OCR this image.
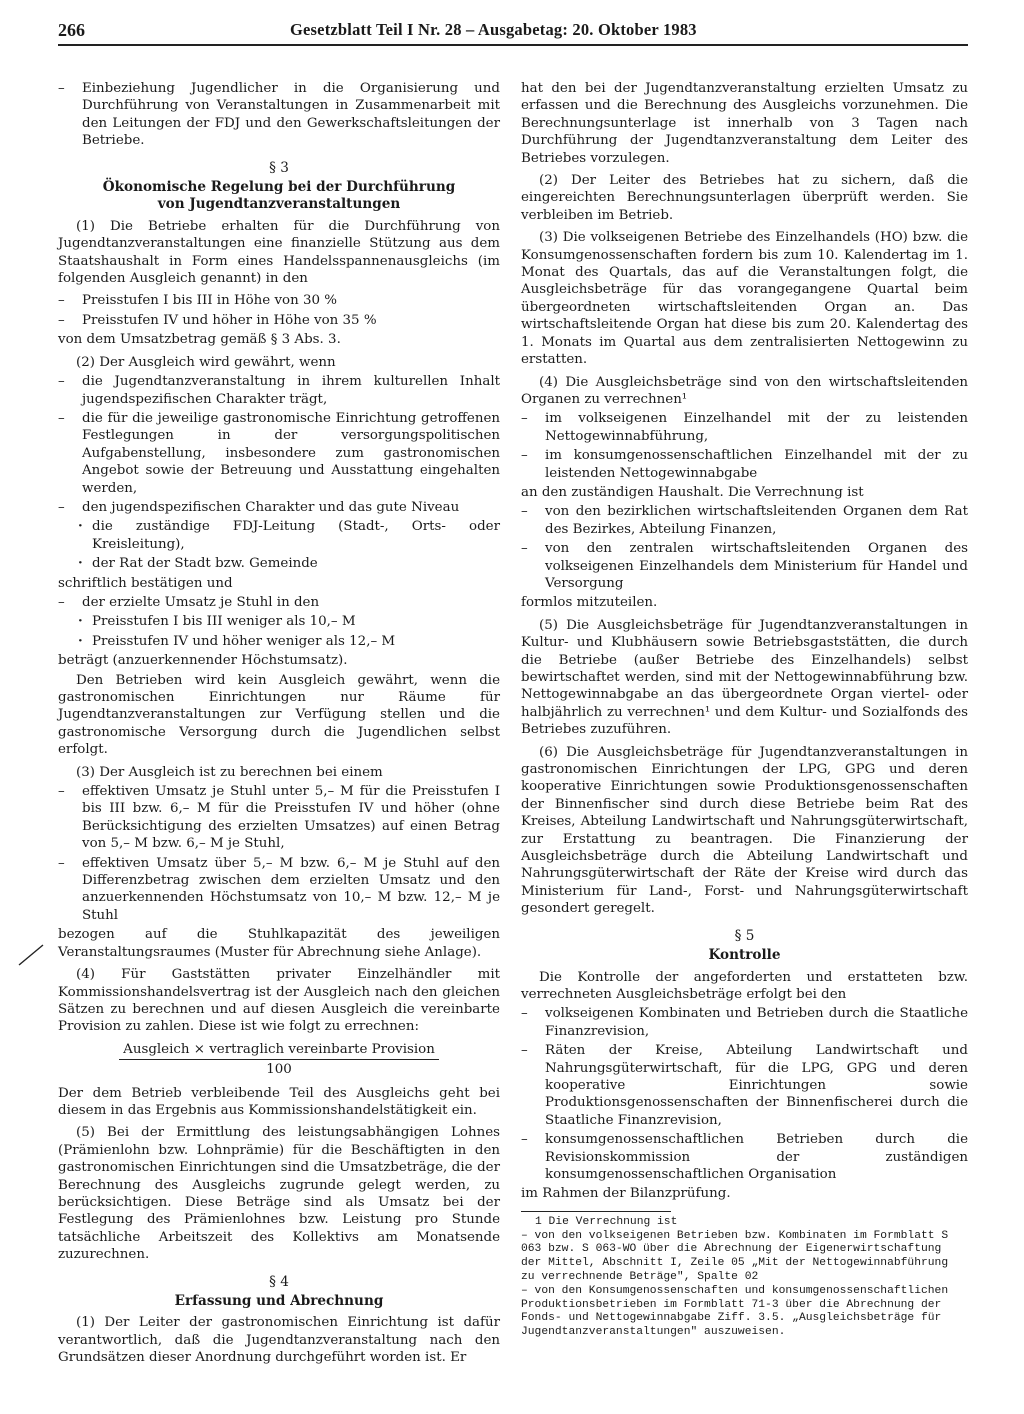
266	Gesetzblatt Teil I Nr. 28 – Ausgabetag: 20. Oktober 1983
– Einbeziehung Jugendlicher in die Organisierung und Durchführung von Veranstaltungen in Zusammenarbeit mit den Leitungen der FDJ und den Gewerkschaftsleitungen der Betriebe.
§ 3
Ökonomische Regelung bei der Durchführung
von Jugendtanzveranstaltungen

(1) Die Betriebe erhalten für die Durchführung von Jugendtanzveranstaltungen eine finanzielle Stützung aus dem Staatshaushalt in Form eines Handelsspannenausgleichs (im folgenden Ausgleich genannt) in den

– Preisstufen I bis III in Höhe von 30 %
– Preisstufen IV und höher in Höhe von 35 %

von dem Umsatzbetrag gemäß § 3 Abs. 3.

(2) Der Ausgleich wird gewährt, wenn

– die Jugendtanzveranstaltung in ihrem kulturellen Inhalt jugendspezifischen Charakter trägt,
– die für die jeweilige gastronomische Einrichtung getroffenen Festlegungen in der versorgungspolitischen Aufgabenstellung, insbesondere zum gastronomischen Angebot sowie der Betreuung und Ausstattung eingehalten werden,
– den jugendspezifischen Charakter und das gute Niveau
· die zuständige FDJ-Leitung (Stadt-, Orts- oder Kreisleitung),
· der Rat der Stadt bzw. Gemeinde

schriftlich bestätigen und

– der erzielte Umsatz je Stuhl in den
· Preisstufen I bis III weniger als 10,– M
· Preisstufen IV und höher weniger als 12,– M

beträgt (anzuerkennender Höchstumsatz).

Den Betrieben wird kein Ausgleich gewährt, wenn die gastronomischen Einrichtungen nur Räume für Jugendtanzveranstaltungen zur Verfügung stellen und die gastronomische Versorgung durch die Jugendlichen selbst erfolgt.

(3) Der Ausgleich ist zu berechnen bei einem

– effektiven Umsatz je Stuhl unter 5,– M für die Preisstufen I bis III bzw. 6,– M für die Preisstufen IV und höher (ohne Berücksichtigung des erzielten Umsatzes) auf einen Betrag von 5,– M bzw. 6,– M je Stuhl,
– effektiven Umsatz über 5,– M bzw. 6,– M je Stuhl auf den Differenzbetrag zwischen dem erzielten Umsatz und den anzuerkennenden Höchstumsatz von 10,– M bzw. 12,– M je Stuhl

bezogen auf die Stuhlkapazität des jeweiligen Veranstaltungsraumes (Muster für Abrechnung siehe Anlage).

(4) Für Gaststätten privater Einzelhändler mit Kommissionshandelsvertrag ist der Ausgleich nach den gleichen Sätzen zu berechnen und auf diesen Ausgleich die vereinbarte Provision zu zahlen. Diese ist wie folgt zu errechnen:

Ausgleich × vertraglich vereinbarte Provision
100

Der dem Betrieb verbleibende Teil des Ausgleichs geht bei diesem in das Ergebnis aus Kommissionshandelstätigkeit ein.

(5) Bei der Ermittlung des leistungsabhängigen Lohnes (Prämienlohn bzw. Lohnprämie) für die Beschäftigten in den gastronomischen Einrichtungen sind die Umsatzbeträge, die der Berechnung des Ausgleichs zugrunde gelegt werden, zu berücksichtigen. Diese Beträge sind als Umsatz bei der Festlegung des Prämienlohnes bzw. Leistung pro Stunde tatsächliche Arbeitszeit des Kollektivs am Monatsende zuzurechnen.

§ 4
Erfassung und Abrechnung

(1) Der Leiter der gastronomischen Einrichtung ist dafür verantwortlich, daß die Jugendtanzveranstaltung nach den Grundsätzen dieser Anordnung durchgeführt worden ist. Er

hat den bei der Jugendtanzveranstaltung erzielten Umsatz zu erfassen und die Berechnung des Ausgleichs vorzunehmen. Die Berechnungsunterlage ist innerhalb von 3 Tagen nach Durchführung der Jugendtanzveranstaltung dem Leiter des Betriebes vorzulegen.

(2) Der Leiter des Betriebes hat zu sichern, daß die eingereichten Berechnungsunterlagen überprüft werden. Sie verbleiben im Betrieb.

(3) Die volkseigenen Betriebe des Einzelhandels (HO) bzw. die Konsumgenossenschaften fordern bis zum 10. Kalendertag im 1. Monat des Quartals, das auf die Veranstaltungen folgt, die Ausgleichsbeträge für das vorangegangene Quartal beim übergeordneten wirtschaftsleitenden Organ an. Das wirtschaftsleitende Organ hat diese bis zum 20. Kalendertag des 1. Monats im Quartal aus dem zentralisierten Nettogewinn zu erstatten.

(4) Die Ausgleichsbeträge sind von den wirtschaftsleitenden Organen zu verrechnen¹

– im volkseigenen Einzelhandel mit der zu leistenden Nettogewinnabführung,
– im konsumgenossenschaftlichen Einzelhandel mit der zu leistenden Nettogewinnabgabe

an den zuständigen Haushalt. Die Verrechnung ist

– von den bezirklichen wirtschaftsleitenden Organen dem Rat des Bezirkes, Abteilung Finanzen,
– von den zentralen wirtschaftsleitenden Organen des volkseigenen Einzelhandels dem Ministerium für Handel und Versorgung

formlos mitzuteilen.

(5) Die Ausgleichsbeträge für Jugendtanzveranstaltungen in Kultur- und Klubhäusern sowie Betriebsgaststätten, die durch die Betriebe (außer Betriebe des Einzelhandels) selbst bewirtschaftet werden, sind mit der Nettogewinnabführung bzw. Nettogewinnabgabe an das übergeordnete Organ viertel- oder halbjährlich zu verrechnen¹ und dem Kultur- und Sozialfonds des Betriebes zuzuführen.

(6) Die Ausgleichsbeträge für Jugendtanzveranstaltungen in gastronomischen Einrichtungen der LPG, GPG und deren kooperative Einrichtungen sowie Produktionsgenossenschaften der Binnenfischer sind durch diese Betriebe beim Rat des Kreises, Abteilung Landwirtschaft und Nahrungsgüterwirtschaft, zur Erstattung zu beantragen. Die Finanzierung der Ausgleichsbeträge durch die Abteilung Landwirtschaft und Nahrungsgüterwirtschaft der Räte der Kreise wird durch das Ministerium für Land-, Forst- und Nahrungsgüterwirtschaft gesondert geregelt.

§ 5
Kontrolle

Die Kontrolle der angeforderten und erstatteten bzw. verrechneten Ausgleichsbeträge erfolgt bei den

– volkseigenen Kombinaten und Betrieben durch die Staatliche Finanzrevision,
– Räten der Kreise, Abteilung Landwirtschaft und Nahrungsgüterwirtschaft, für die LPG, GPG und deren kooperative Einrichtungen sowie Produktionsgenossenschaften der Binnenfischerei durch die Staatliche Finanzrevision,
– konsumgenossenschaftlichen Betrieben durch die Revisionskommission der zuständigen konsumgenossenschaftlichen Organisation

im Rahmen der Bilanzprüfung.

1 Die Verrechnung ist

– von den volkseigenen Betrieben bzw. Kombinaten im Formblatt S 063 bzw. S 063-WO über die Abrechnung der Eigenerwirtschaftung der Mittel, Abschnitt I, Zeile 05 „Mit der Nettogewinnabführung zu verrechnende Beträge", Spalte 02

– von den Konsumgenossenschaften und konsumgenossenschaftlichen Produktionsbetrieben im Formblatt 71-3 über die Abrechnung der Fonds- und Nettogewinnabgabe Ziff. 3.5. „Ausgleichsbeträge für Jugendtanzveranstaltungen" auszuweisen.
